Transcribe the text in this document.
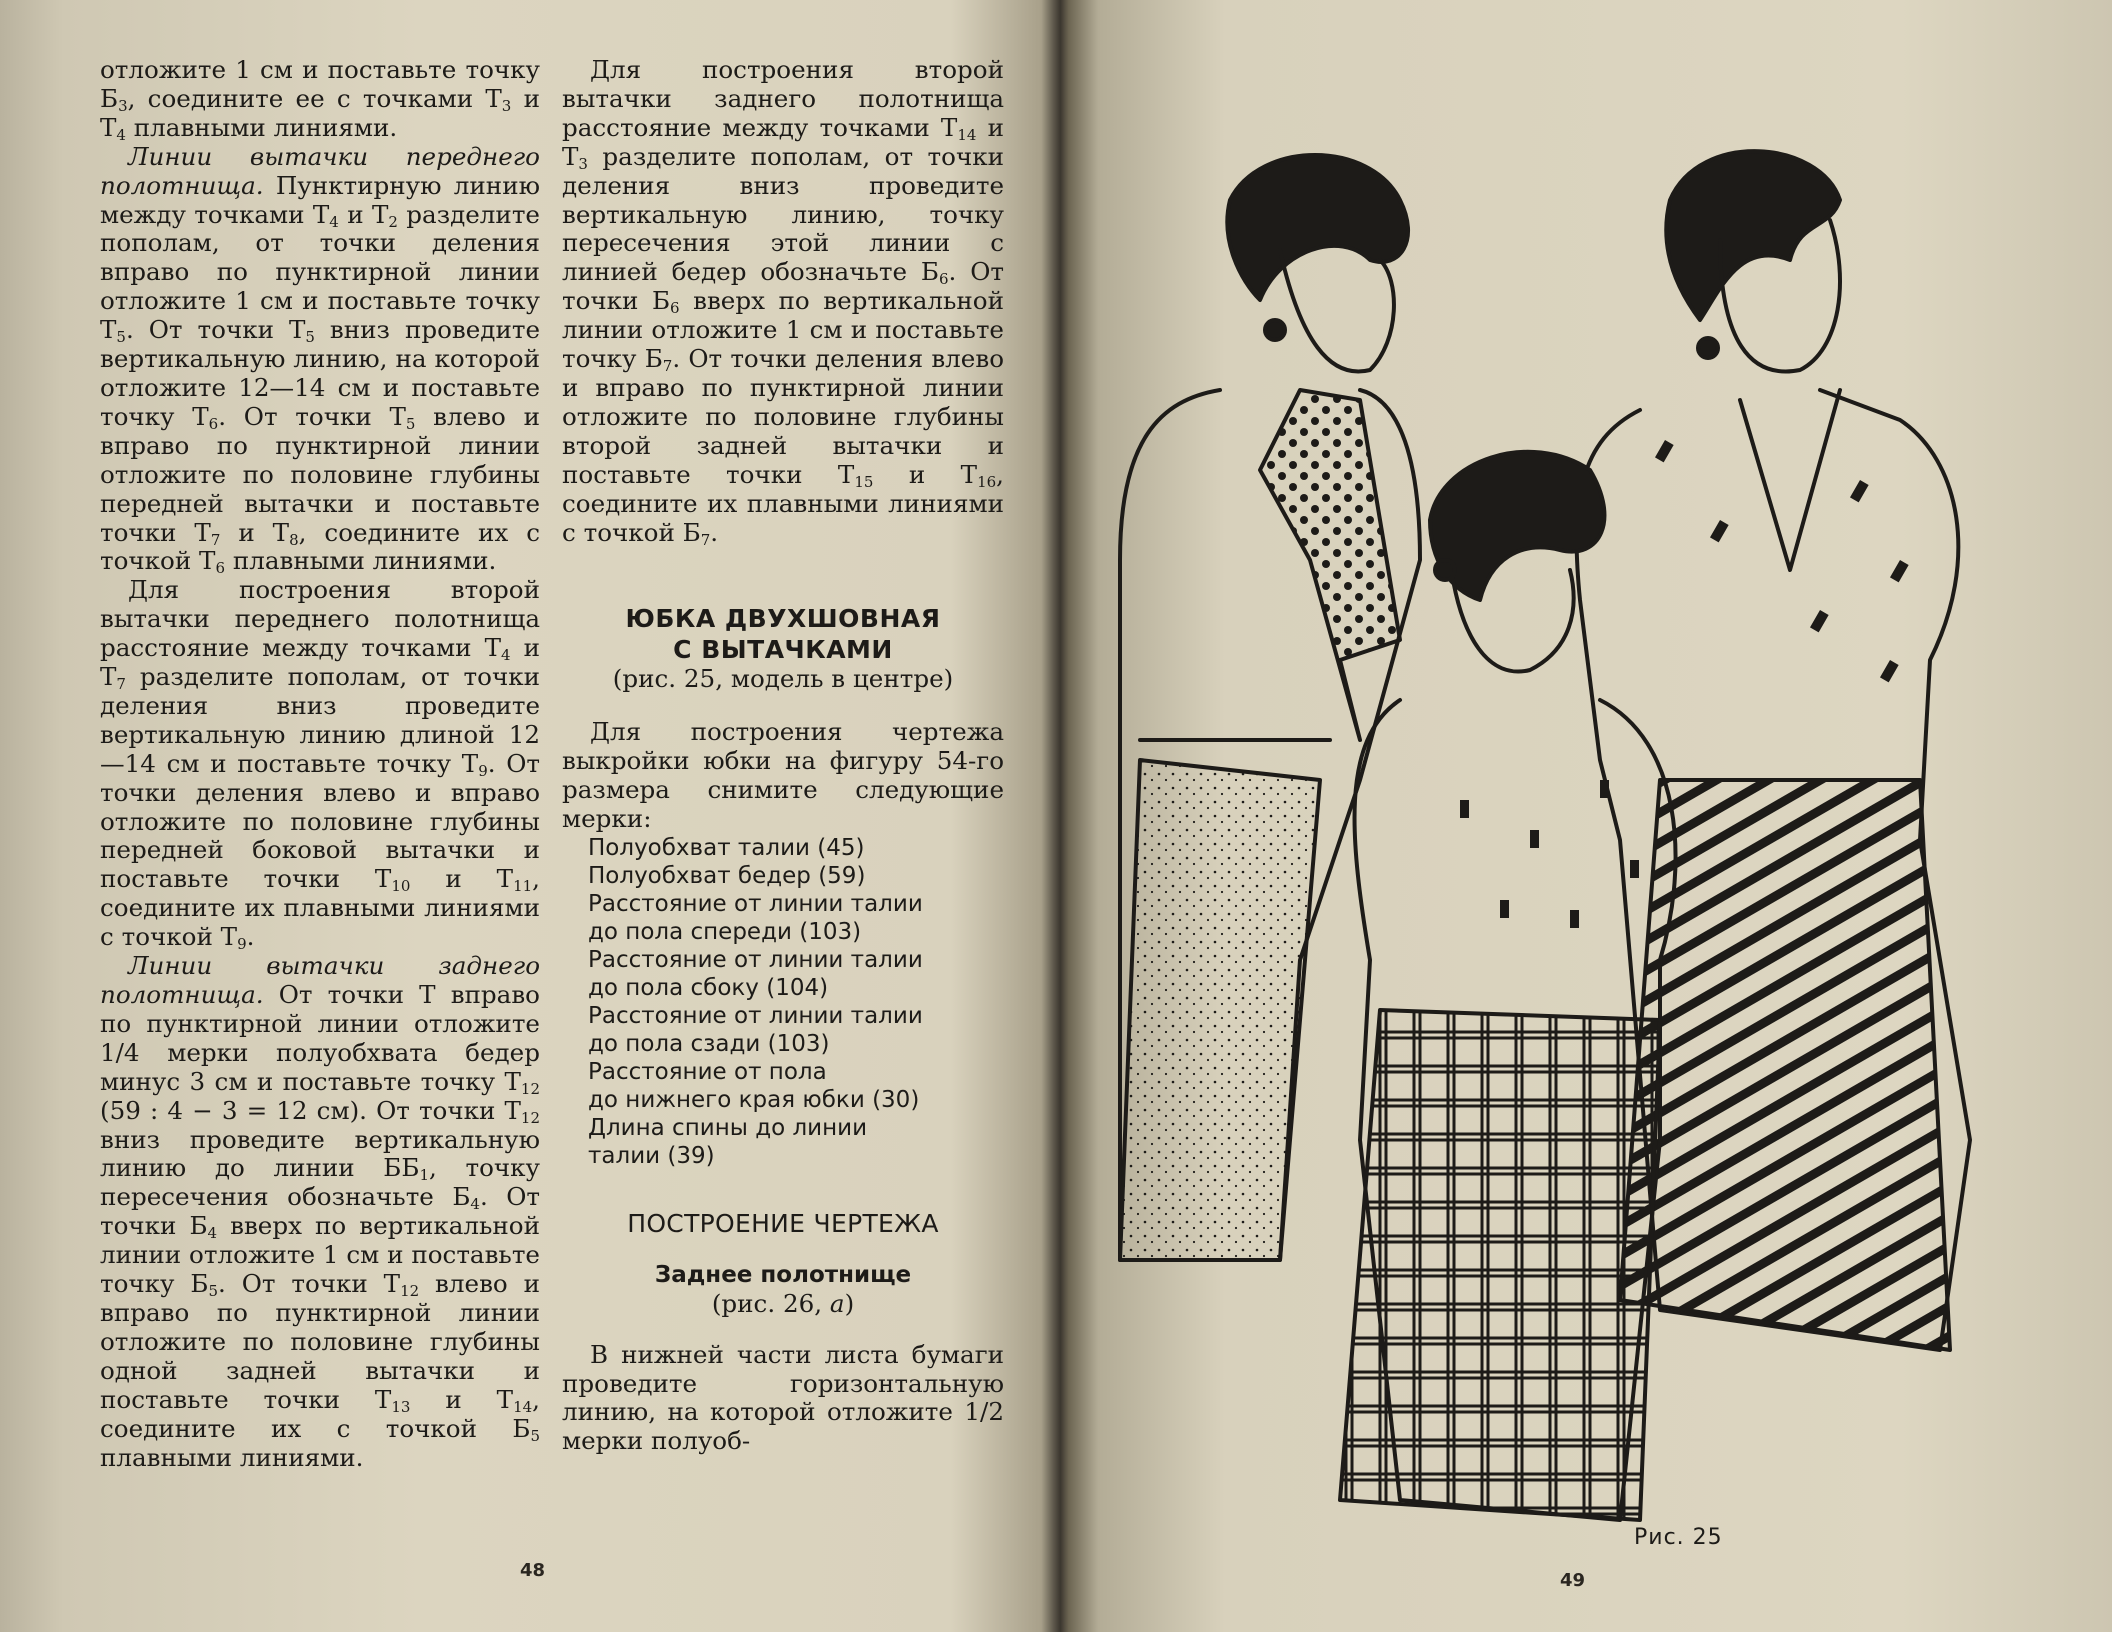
отложите 1 см и поставьте точку $Б_3$, соедините ее с точками $Т_3$ и $Т_4$ плавными линиями.

Линии вытачки переднего полотнища. Пунктирную линию между точками $Т_4$ и $Т_2$ разделите пополам, от точки деления вправо по пунктирной линии отложите 1 см и поставьте точку $Т_5$. От точки $Т_5$ вниз проведите вертикальную линию, на которой отложите 12—14 см и поставьте точку $Т_6$. От точки $Т_5$ влево и вправо по пунктирной линии отложите по половине глубины передней вытачки и поставьте точки $Т_7$ и $Т_8$, соедините их с точкой $Т_6$ плавными линиями.

Для построения второй вытачки переднего полотнища расстояние между точками $Т_4$ и $Т_7$ разделите пополам, от точки деления вниз проведите вертикальную линию длиной 12—14 см и поставьте точку $Т_9$. От точки деления влево и вправо отложите по половине глубины передней боковой вытачки и поставьте точки $Т_{10}$ и $Т_{11}$, соедините их плавными линиями с точкой $Т_9$.

Линии вытачки заднего полотнища. От точки Т вправо по пунктирной линии отложите 1/4 мерки полуобхвата бедер минус 3 см и поставьте точку $Т_{12}$ (59 : 4 − 3 = 12 см). От точки $Т_{12}$ вниз проведите вертикальную линию до линии $ББ_1$, точку пересечения обозначьте $Б_4$. От точки $Б_4$ вверх по вертикальной линии отложите 1 см и поставьте точку $Б_5$. От точки $Т_{12}$ влево и вправо по пунктирной линии отложите по половине глубины одной задней вытачки и поставьте точки $Т_{13}$ и $Т_{14}$, соедините их с точкой $Б_5$ плавными линиями.

Для построения второй вытачки заднего полотнища расстояние между точками $Т_{14}$ и $Т_3$ разделите пополам, от точки деления вниз проведите вертикальную линию, точку пересечения этой линии с линией бедер обозначьте $Б_6$. От точки $Б_6$ вверх по вертикальной линии отложите 1 см и поставьте точку $Б_7$. От точки деления влево и вправо по пунктирной линии отложите по половине глубины второй задней вытачки и поставьте точки $Т_{15}$ и $Т_{16}$, соедините их плавными линиями с точкой $Б_7$.

ЮБКА ДВУХШОВНАЯ

С ВЫТАЧКАМИ

(рис. 25, модель в центре)

Для построения чертежа выкройки юбки на фигуру 54-го размера снимите следующие мерки:

Полуобхват талии (45)

Полуобхват бедер (59)

Расстояние от линии талии

до пола спереди (103)

Расстояние от линии талии

до пола сбоку (104)

Расстояние от линии талии

до пола сзади (103)

Расстояние от пола

до нижнего края юбки (30)

Длина спины до линии

талии (39)

ПОСТРОЕНИЕ ЧЕРТЕЖА

Заднее полотнище

(рис. 26, а)

В нижней части листа бумаги проведите горизонтальную линию, на которой отложите 1/2 мерки полуоб-

48
Рис. 25
49
